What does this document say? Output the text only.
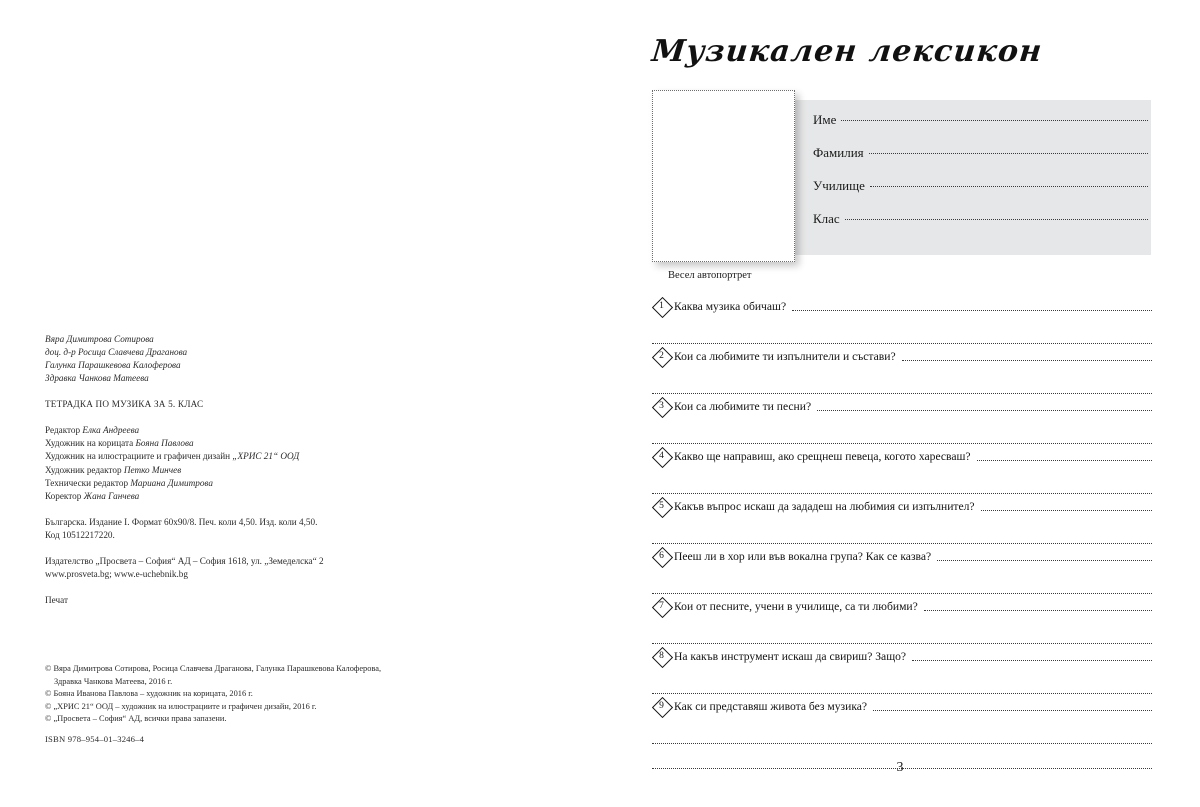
Вяра Димитрова Сотирова
доц. д-р Росица Славчева Драганова
Галунка Парашкевова Калоферова
Здравка Чанкова Матеева
ТЕТРАДКА ПО МУЗИКА ЗА 5. КЛАС
Редактор Елка Андреева
Художник на корицата Бояна Павлова
Художник на илюстрациите и графичен дизайн „ХРИС 21“ ООД
Художник редактор Петко Минчев
Технически редактор Мариана Димитрова
Коректор Жана Ганчева
Българска. Издание I. Формат 60х90/8. Печ. коли 4,50. Изд. коли 4,50.
Код 10512217220.
Издателство „Просвета – София“ АД – София 1618, ул. „Земеделска“ 2
www.prosveta.bg; www.e-uchebnik.bg
Печат
© Вяра Димитрова Сотирова, Росица Славчева Драганова, Галунка Парашкевова Калоферова,
Здравка Чанкова Матеева, 2016 г.
© Бояна Иванова Павлова – художник на корицата, 2016 г.
© „ХРИС 21“ ООД – художник на илюстрациите и графичен дизайн, 2016 г.
© „Просвета – София“ АД, всички права запазени.
ISBN 978–954–01–3246–4
Музикален лексикон
Весел автопортрет
Име
Фамилия
Училище
Клас
1 Каква музика обичаш?
2 Кои са любимите ти изпълнители и състави?
3 Кои са любимите ти песни?
4 Какво ще направиш, ако срещнеш певеца, когото харесваш?
5 Какъв въпрос искаш да зададеш на любимия си изпълнител?
6 Пееш ли в хор или във вокална група? Как се казва?
7 Кои от песните, учени в училище, са ти любими?
8 На какъв инструмент искаш да свириш? Защо?
9 Как си представяш живота без музика?
3
